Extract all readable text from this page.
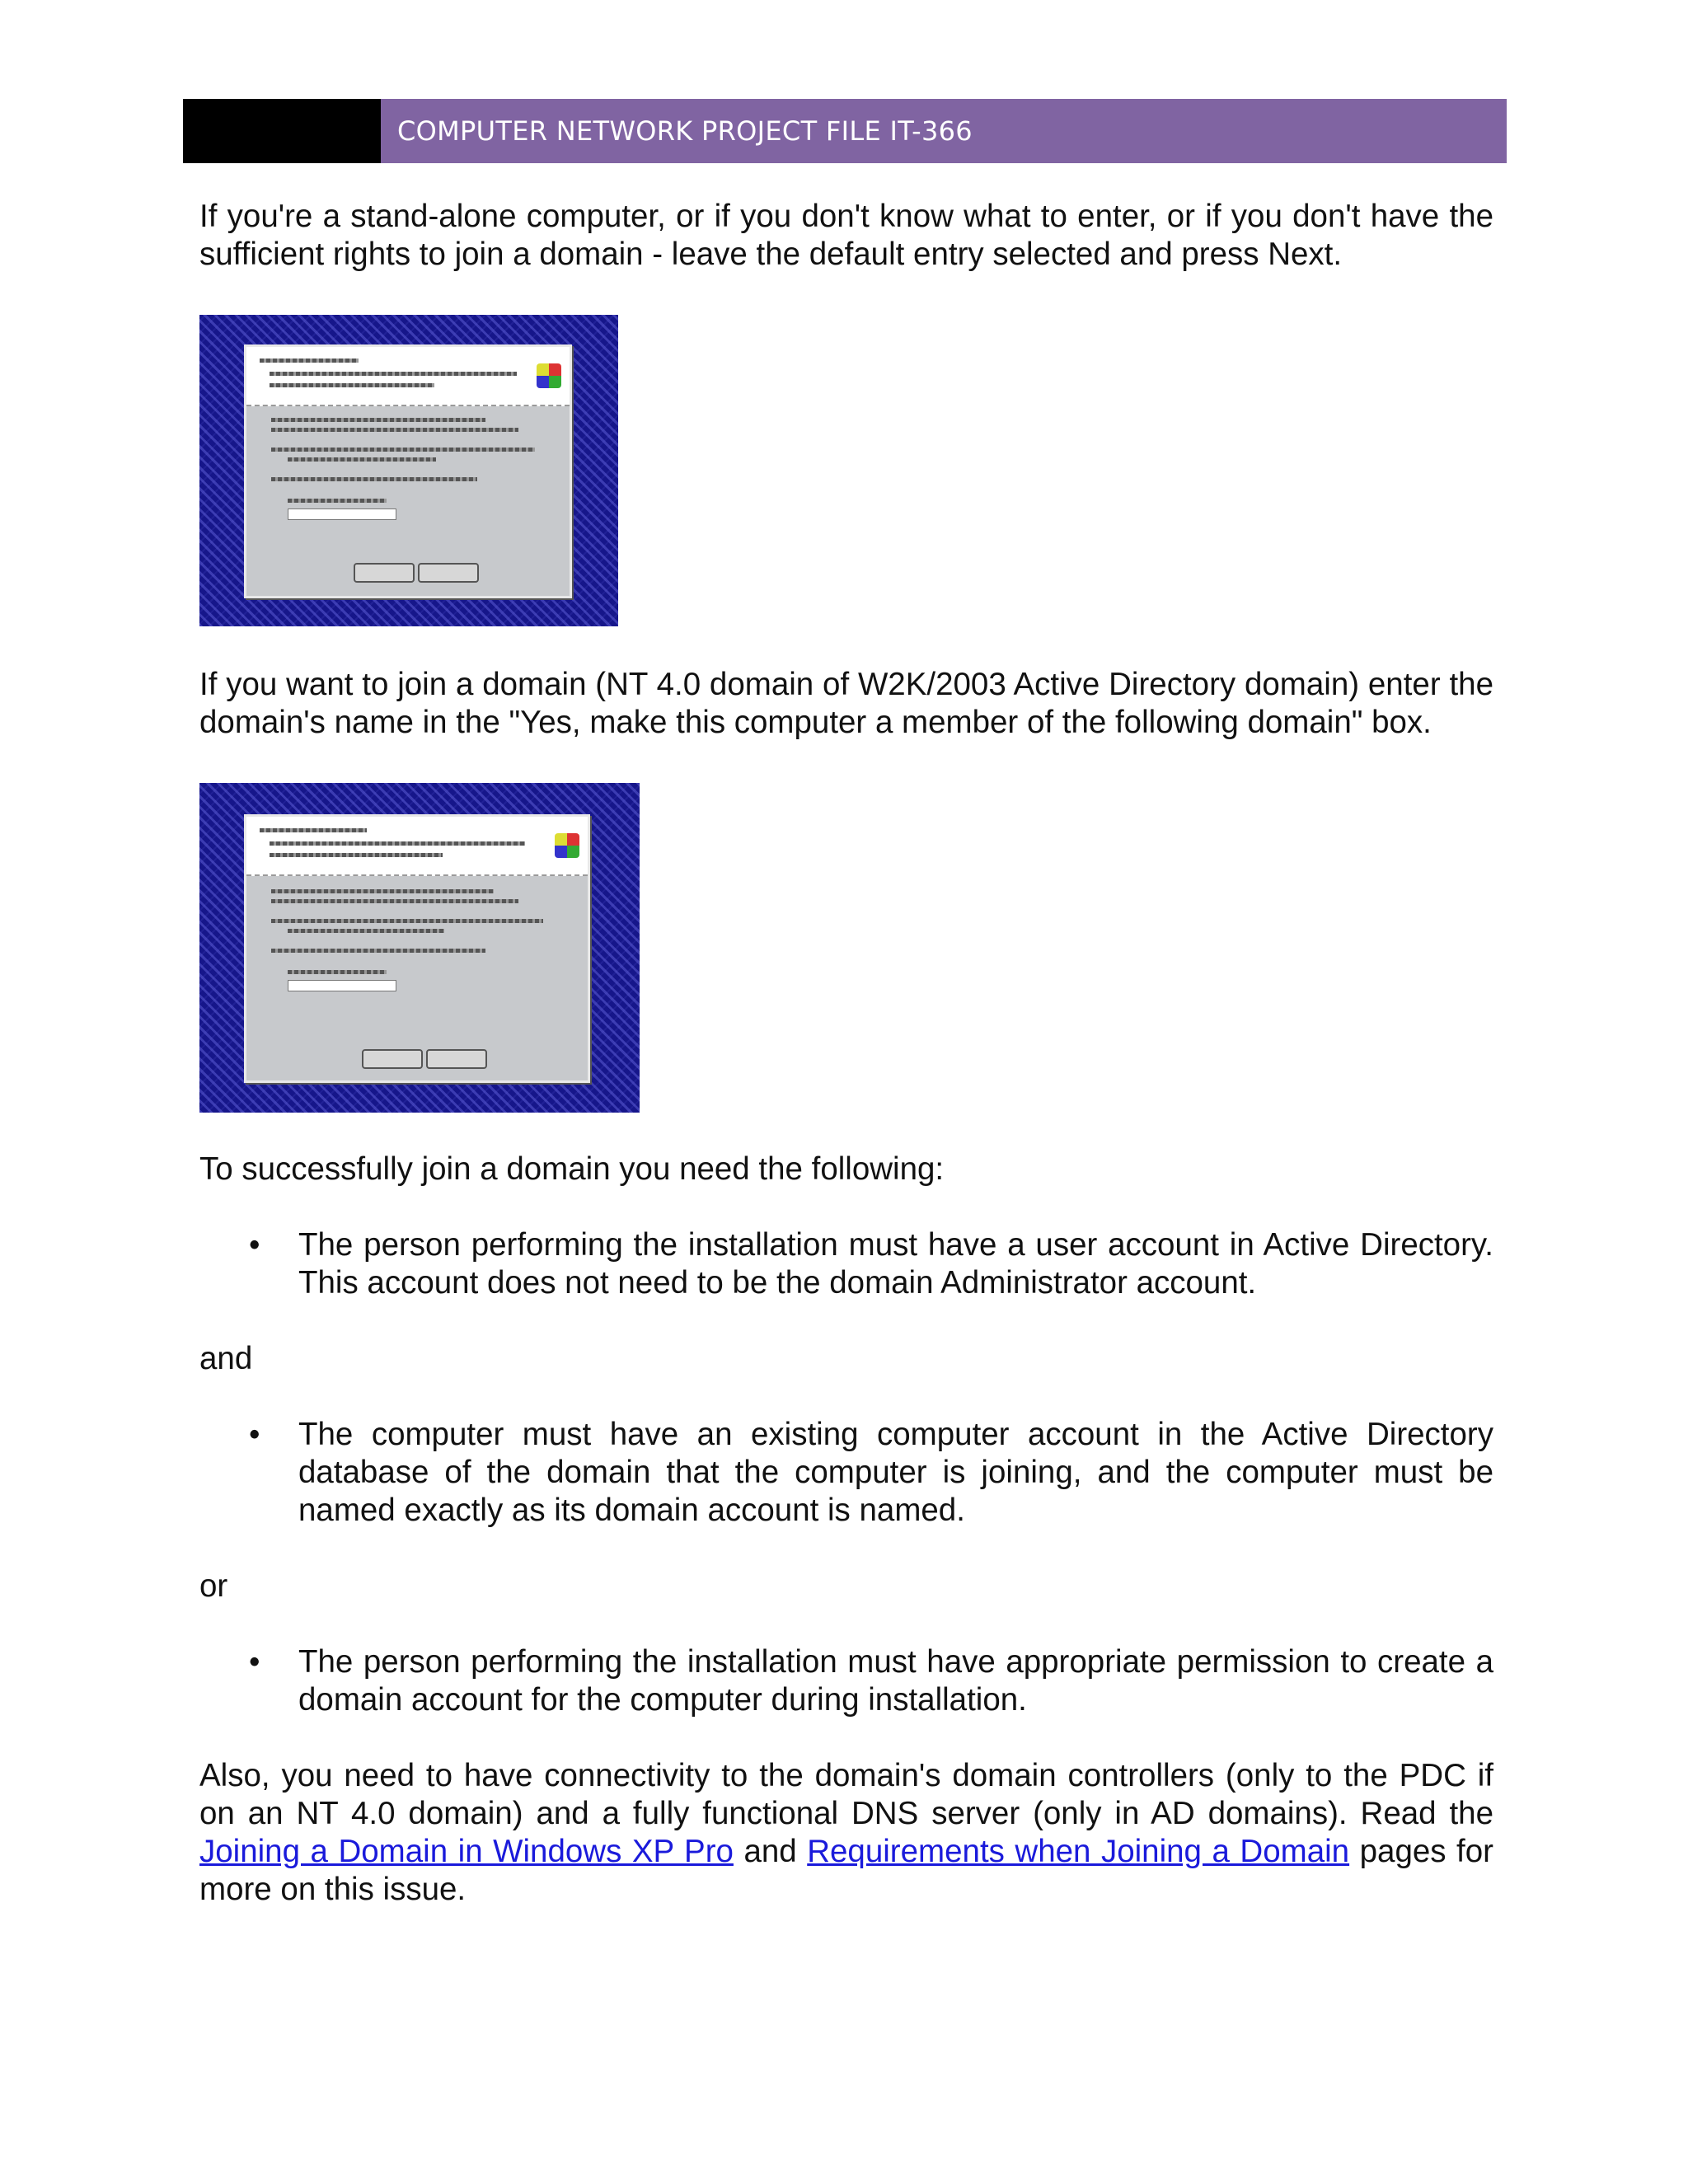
COMPUTER NETWORK PROJECT FILE IT-366

If you're a stand-alone computer, or if you don't know what to enter, or if you don't have the sufficient rights to join a domain - leave the default entry selected and press Next.

If you want to join a domain (NT 4.0 domain of W2K/2003 Active Directory domain) enter the domain's name in the "Yes, make this computer a member of the following domain" box.

To successfully join a domain you need the following:

• The person performing the installation must have a user account in Active Directory. This account does not need to be the domain Administrator account.

and

• The computer must have an existing computer account in the Active Directory database of the domain that the computer is joining, and the computer must be named exactly as its domain account is named.

or

• The person performing the installation must have appropriate permission to create a domain account for the computer during installation.

Also, you need to have connectivity to the domain's domain controllers (only to the PDC if on an NT 4.0 domain) and a fully functional DNS server (only in AD domains). Read the Joining a Domain in Windows XP Pro and Requirements when Joining a Domain pages for more on this issue.
